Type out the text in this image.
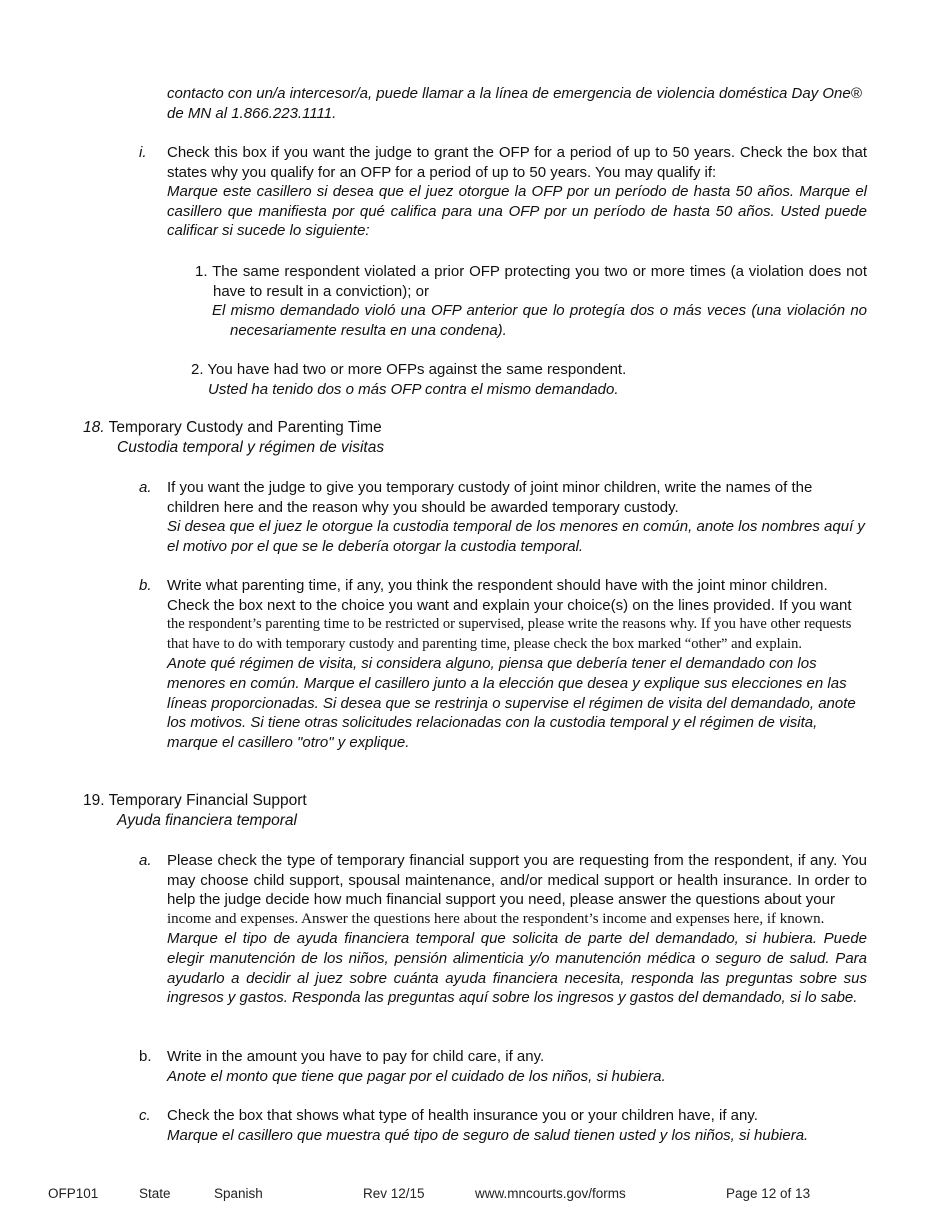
contacto con un/a intercesor/a, puede llamar a la línea de emergencia de violencia doméstica Day One® de MN al 1.866.223.1111.

i. Check this box if you want the judge to grant the OFP for a period of up to 50 years. Check the box that states why you qualify for an OFP for a period of up to 50 years. You may qualify if:

Marque este casillero si desea que el juez otorgue la OFP por un período de hasta 50 años. Marque el casillero que manifiesta por qué califica para una OFP por un período de hasta 50 años. Usted puede calificar si sucede lo siguiente:

1. The same respondent violated a prior OFP protecting you two or more times (a violation does not have to result in a conviction); or

El mismo demandado violó una OFP anterior que lo protegía dos o más veces (una violación no necesariamente resulta en una condena).

2. You have had two or more OFPs against the same respondent.

Usted ha tenido dos o más OFP contra el mismo demandado.

18. Temporary Custody and Parenting Time

Custodia temporal y régimen de visitas

a. If you want the judge to give you temporary custody of joint minor children, write the names of the children here and the reason why you should be awarded temporary custody.

Si desea que el juez le otorgue la custodia temporal de los menores en común, anote los nombres aquí y el motivo por el que se le debería otorgar la custodia temporal.

b. Write what parenting time, if any, you think the respondent should have with the joint minor children. Check the box next to the choice you want and explain your choice(s) on the lines provided. If you want

the respondent’s parenting time to be restricted or supervised, please write the reasons why. If you have other requests that have to do with temporary custody and parenting time, please check the box marked “other” and explain.

Anote qué régimen de visita, si considera alguno, piensa que debería tener el demandado con los menores en común. Marque el casillero junto a la elección que desea y explique sus elecciones en las líneas proporcionadas. Si desea que se restrinja o supervise el régimen de visita del demandado, anote los motivos. Si tiene otras solicitudes relacionadas con la custodia temporal y el régimen de visita, marque el casillero "otro" y explique.

19. Temporary Financial Support

Ayuda financiera temporal

a. Please check the type of temporary financial support you are requesting from the respondent, if any. You may choose child support, spousal maintenance, and/or medical support or health insurance. In order to help the judge decide how much financial support you need, please answer the questions about your

income and expenses. Answer the questions here about the respondent’s income and expenses here, if known.

Marque el tipo de ayuda financiera temporal que solicita de parte del demandado, si hubiera. Puede elegir manutención de los niños, pensión alimenticia y/o manutención médica o seguro de salud. Para ayudarlo a decidir al juez sobre cuánta ayuda financiera necesita, responda las preguntas sobre sus ingresos y gastos. Responda las preguntas aquí sobre los ingresos y gastos del demandado, si lo sabe.

b. Write in the amount you have to pay for child care, if any.

Anote el monto que tiene que pagar por el cuidado de los niños, si hubiera.

c. Check the box that shows what type of health insurance you or your children have, if any.

Marque el casillero que muestra qué tipo de seguro de salud tienen usted y los niños, si hubiera.

OFP101	State	Spanish	Rev 12/15	www.mncourts.gov/forms	Page 12 of 13
